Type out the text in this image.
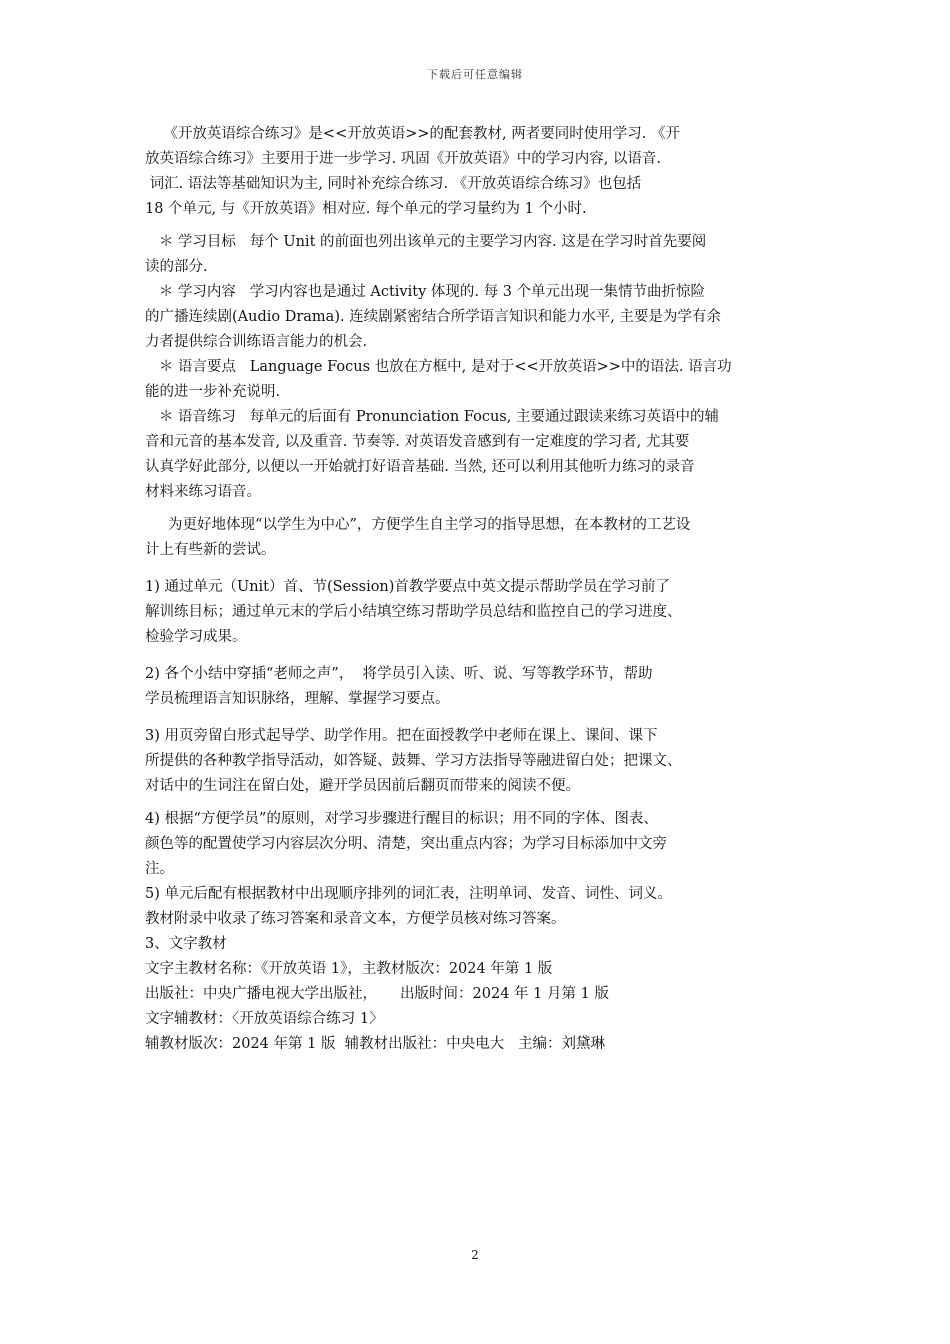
下载后可任意编辑

《开放英语综合练习》是<<开放英语>>的配套教材, 两者要同时使用学习. 《开

放英语综合练习》主要用于进一步学习. 巩固《开放英语》中的学习内容, 以语音.

词汇. 语法等基础知识为主, 同时补充综合练习. 《开放英语综合练习》也包括

18 个单元, 与《开放英语》相对应. 每个单元的学习量约为 1 个小时.

＊ 学习目标   每个 Unit 的前面也列出该单元的主要学习内容. 这是在学习时首先要阅

读的部分.

＊ 学习内容   学习内容也是通过 Activity 体现的. 每 3 个单元出现一集情节曲折惊险

的广播连续剧(Audio Drama). 连续剧紧密结合所学语言知识和能力水平, 主要是为学有余

力者提供综合训练语言能力的机会.

＊ 语言要点   Language Focus 也放在方框中, 是对于<<开放英语>>中的语法. 语言功

能的进一步补充说明.

＊ 语音练习   每单元的后面有 Pronunciation Focus, 主要通过跟读来练习英语中的辅

音和元音的基本发音, 以及重音. 节奏等. 对英语发音感到有一定难度的学习者, 尤其要

认真学好此部分, 以便以一开始就打好语音基础. 当然, 还可以利用其他听力练习的录音

材料来练习语音。

为更好地体现“以学生为中心”，方便学生自主学习的指导思想，在本教材的工艺设

计上有些新的尝试。

1) 通过单元（Unit）首、节(Session)首教学要点中英文提示帮助学员在学习前了

解训练目标；通过单元末的学后小结填空练习帮助学员总结和监控自己的学习进度、

检验学习成果。

2) 各个小结中穿插“老师之声”，  将学员引入读、听、说、写等教学环节，帮助

学员梳理语言知识脉络，理解、掌握学习要点。

3) 用页旁留白形式起导学、助学作用。把在面授教学中老师在课上、课间、课下

所提供的各种教学指导活动，如答疑、鼓舞、学习方法指导等融进留白处；把课文、

对话中的生词注在留白处，避开学员因前后翻页而带来的阅读不便。

4) 根据“方便学员”的原则，对学习步骤进行醒目的标识；用不同的字体、图表、

颜色等的配置使学习内容层次分明、清楚，突出重点内容；为学习目标添加中文旁

注。

5) 单元后配有根据教材中出现顺序排列的词汇表，注明单词、发音、词性、词义。

教材附录中收录了练习答案和录音文本，方便学员核对练习答案。

3、文字教材

文字主教材名称：《开放英语 1》，主教材版次：2024 年第 1 版

出版社：中央广播电视大学出版社，     出版时间：2024 年 1 月第 1 版

文字辅教材：〈开放英语综合练习 1〉

辅教材版次：2024 年第 1 版  辅教材出版社：中央电大   主编：刘黛琳

2
